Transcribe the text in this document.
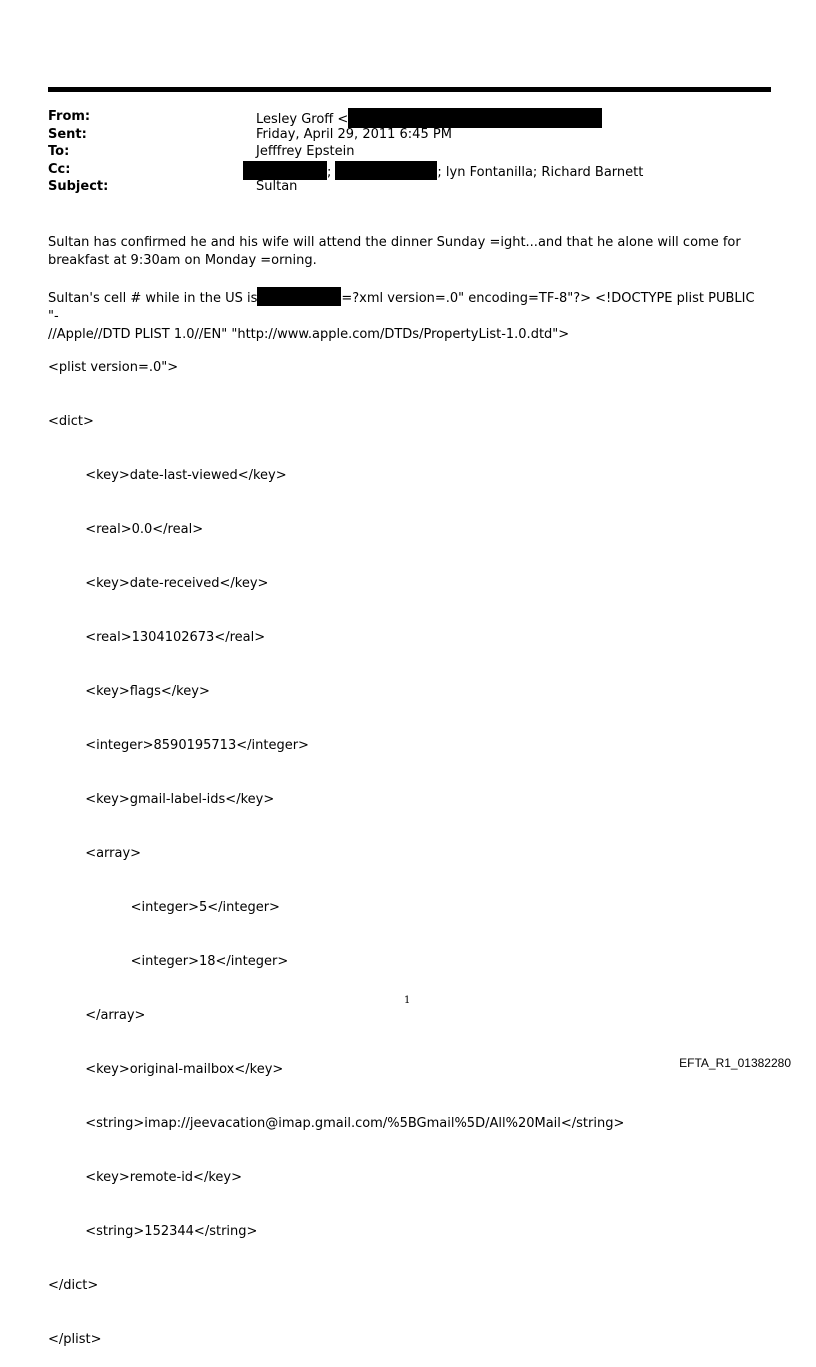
From:	Lesley Groff <
Sent:	Friday, April 29, 2011 6:45 PM
To:	Jefffrey Epstein
Cc:	;	; lyn Fontanilla; Richard Barnett
Subject:	Sultan

Sultan has confirmed he and his wife will attend the dinner Sunday =ight...and that he alone will come for breakfast at 9:30am on Monday =orning.

Sultan's cell # while in the US is	=?xml version=.0" encoding=TF-8"?> <!DOCTYPE plist PUBLIC "-
//Apple//DTD PLIST 1.0//EN" "http://www.apple.com/DTDs/PropertyList-1.0.dtd">

<plist version=.0">

<dict>

<key>date-last-viewed</key>

<real>0.0</real>

<key>date-received</key>

<real>1304102673</real>

<key>flags</key>

<integer>8590195713</integer>

<key>gmail-label-ids</key>

<array>

<integer>5</integer>

<integer>18</integer>

</array>

<key>original-mailbox</key>

<string>imap://jeevacation@imap.gmail.com/%5BGmail%5D/All%20Mail</string>

<key>remote-id</key>

<string>152344</string>

</dict>

</plist>

1
EFTA_R1_01382280
